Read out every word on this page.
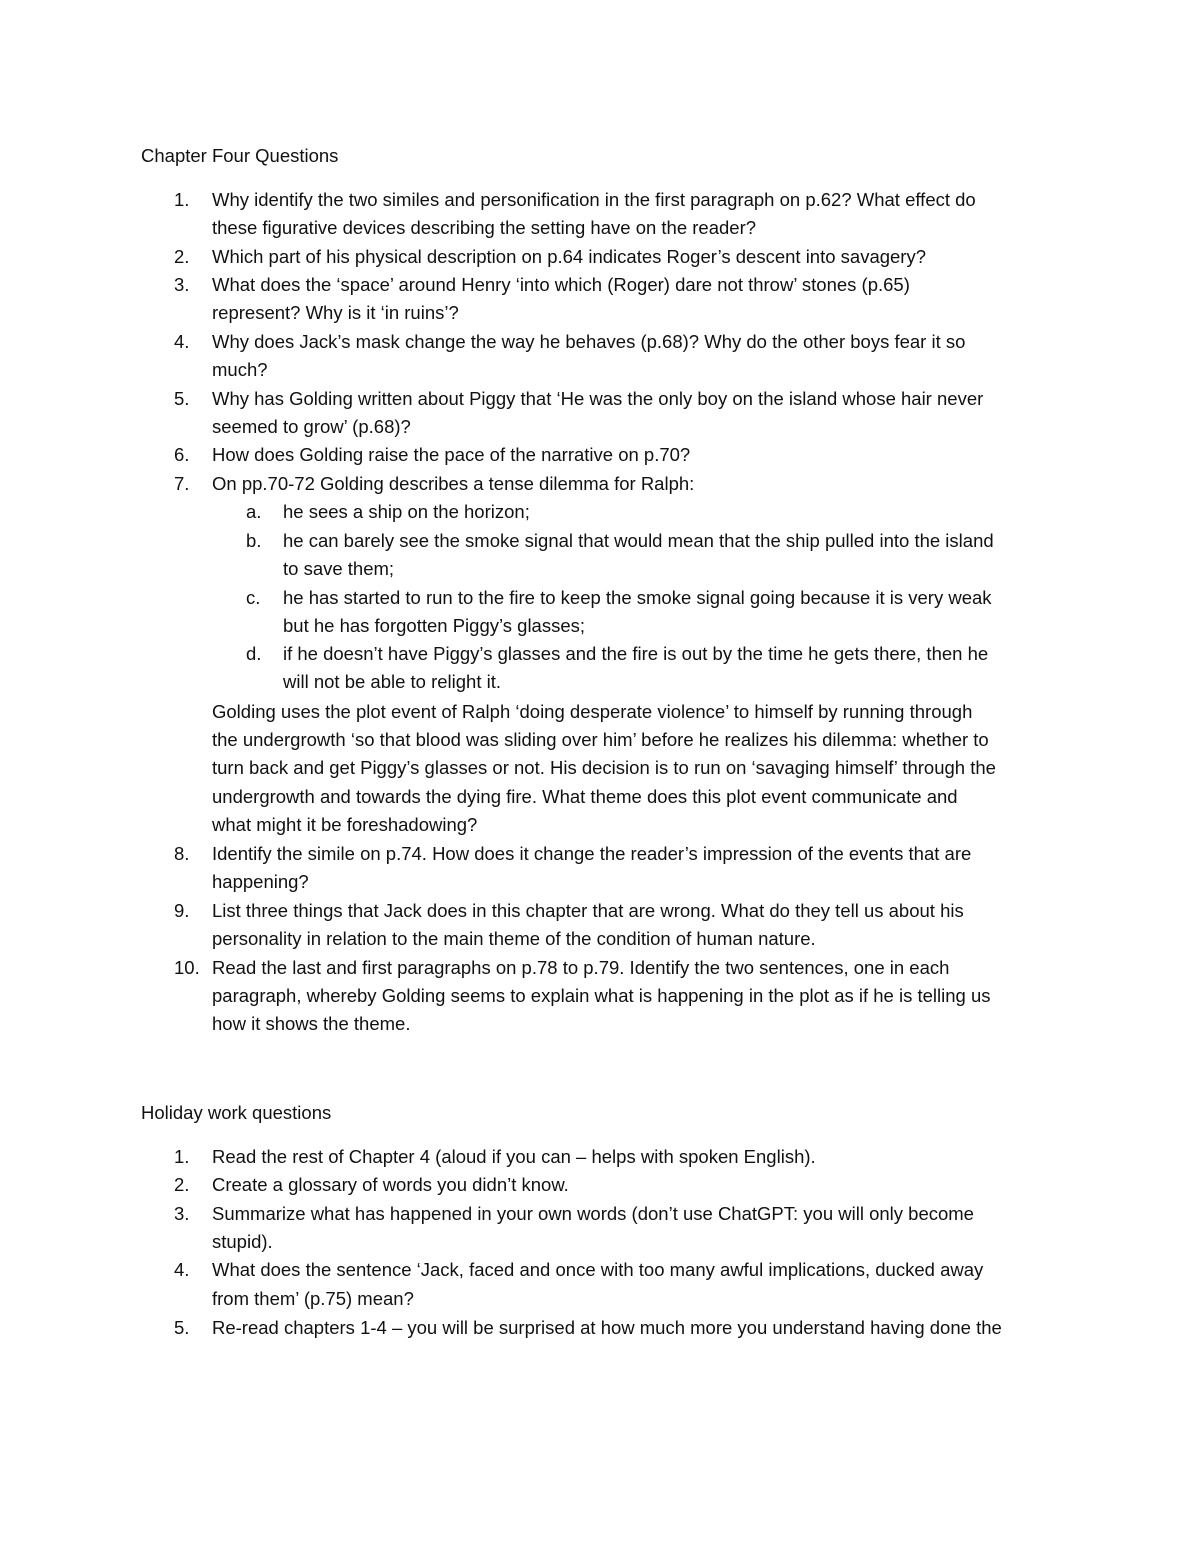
Chapter Four Questions
1. Why identify the two similes and personification in the first paragraph on p.62? What effect do
these figurative devices describing the setting have on the reader?
2. Which part of his physical description on p.64 indicates Roger’s descent into savagery?
3. What does the ‘space’ around Henry ‘into which (Roger) dare not throw’ stones (p.65)
represent? Why is it ‘in ruins’?
4. Why does Jack’s mask change the way he behaves (p.68)? Why do the other boys fear it so
much?
5. Why has Golding written about Piggy that ‘He was the only boy on the island whose hair never
seemed to grow’ (p.68)?
6. How does Golding raise the pace of the narrative on p.70?
7. On pp.70-72 Golding describes a tense dilemma for Ralph:
a. he sees a ship on the horizon;
b. he can barely see the smoke signal that would mean that the ship pulled into the island
to save them;
c. he has started to run to the fire to keep the smoke signal going because it is very weak
but he has forgotten Piggy’s glasses;
d. if he doesn’t have Piggy’s glasses and the fire is out by the time he gets there, then he
will not be able to relight it.
Golding uses the plot event of Ralph ‘doing desperate violence’ to himself by running through
the undergrowth ‘so that blood was sliding over him’ before he realizes his dilemma: whether to
turn back and get Piggy’s glasses or not. His decision is to run on ‘savaging himself’ through the
undergrowth and towards the dying fire. What theme does this plot event communicate and
what might it be foreshadowing?
8. Identify the simile on p.74. How does it change the reader’s impression of the events that are
happening?
9. List three things that Jack does in this chapter that are wrong. What do they tell us about his
personality in relation to the main theme of the condition of human nature.
10. Read the last and first paragraphs on p.78 to p.79. Identify the two sentences, one in each
paragraph, whereby Golding seems to explain what is happening in the plot as if he is telling us
how it shows the theme.
Holiday work questions
1. Read the rest of Chapter 4 (aloud if you can – helps with spoken English).
2. Create a glossary of words you didn’t know.
3. Summarize what has happened in your own words (don’t use ChatGPT: you will only become
stupid).
4. What does the sentence ‘Jack, faced and once with too many awful implications, ducked away
from them’ (p.75) mean?
5. Re-read chapters 1-4 – you will be surprised at how much more you understand having done the
